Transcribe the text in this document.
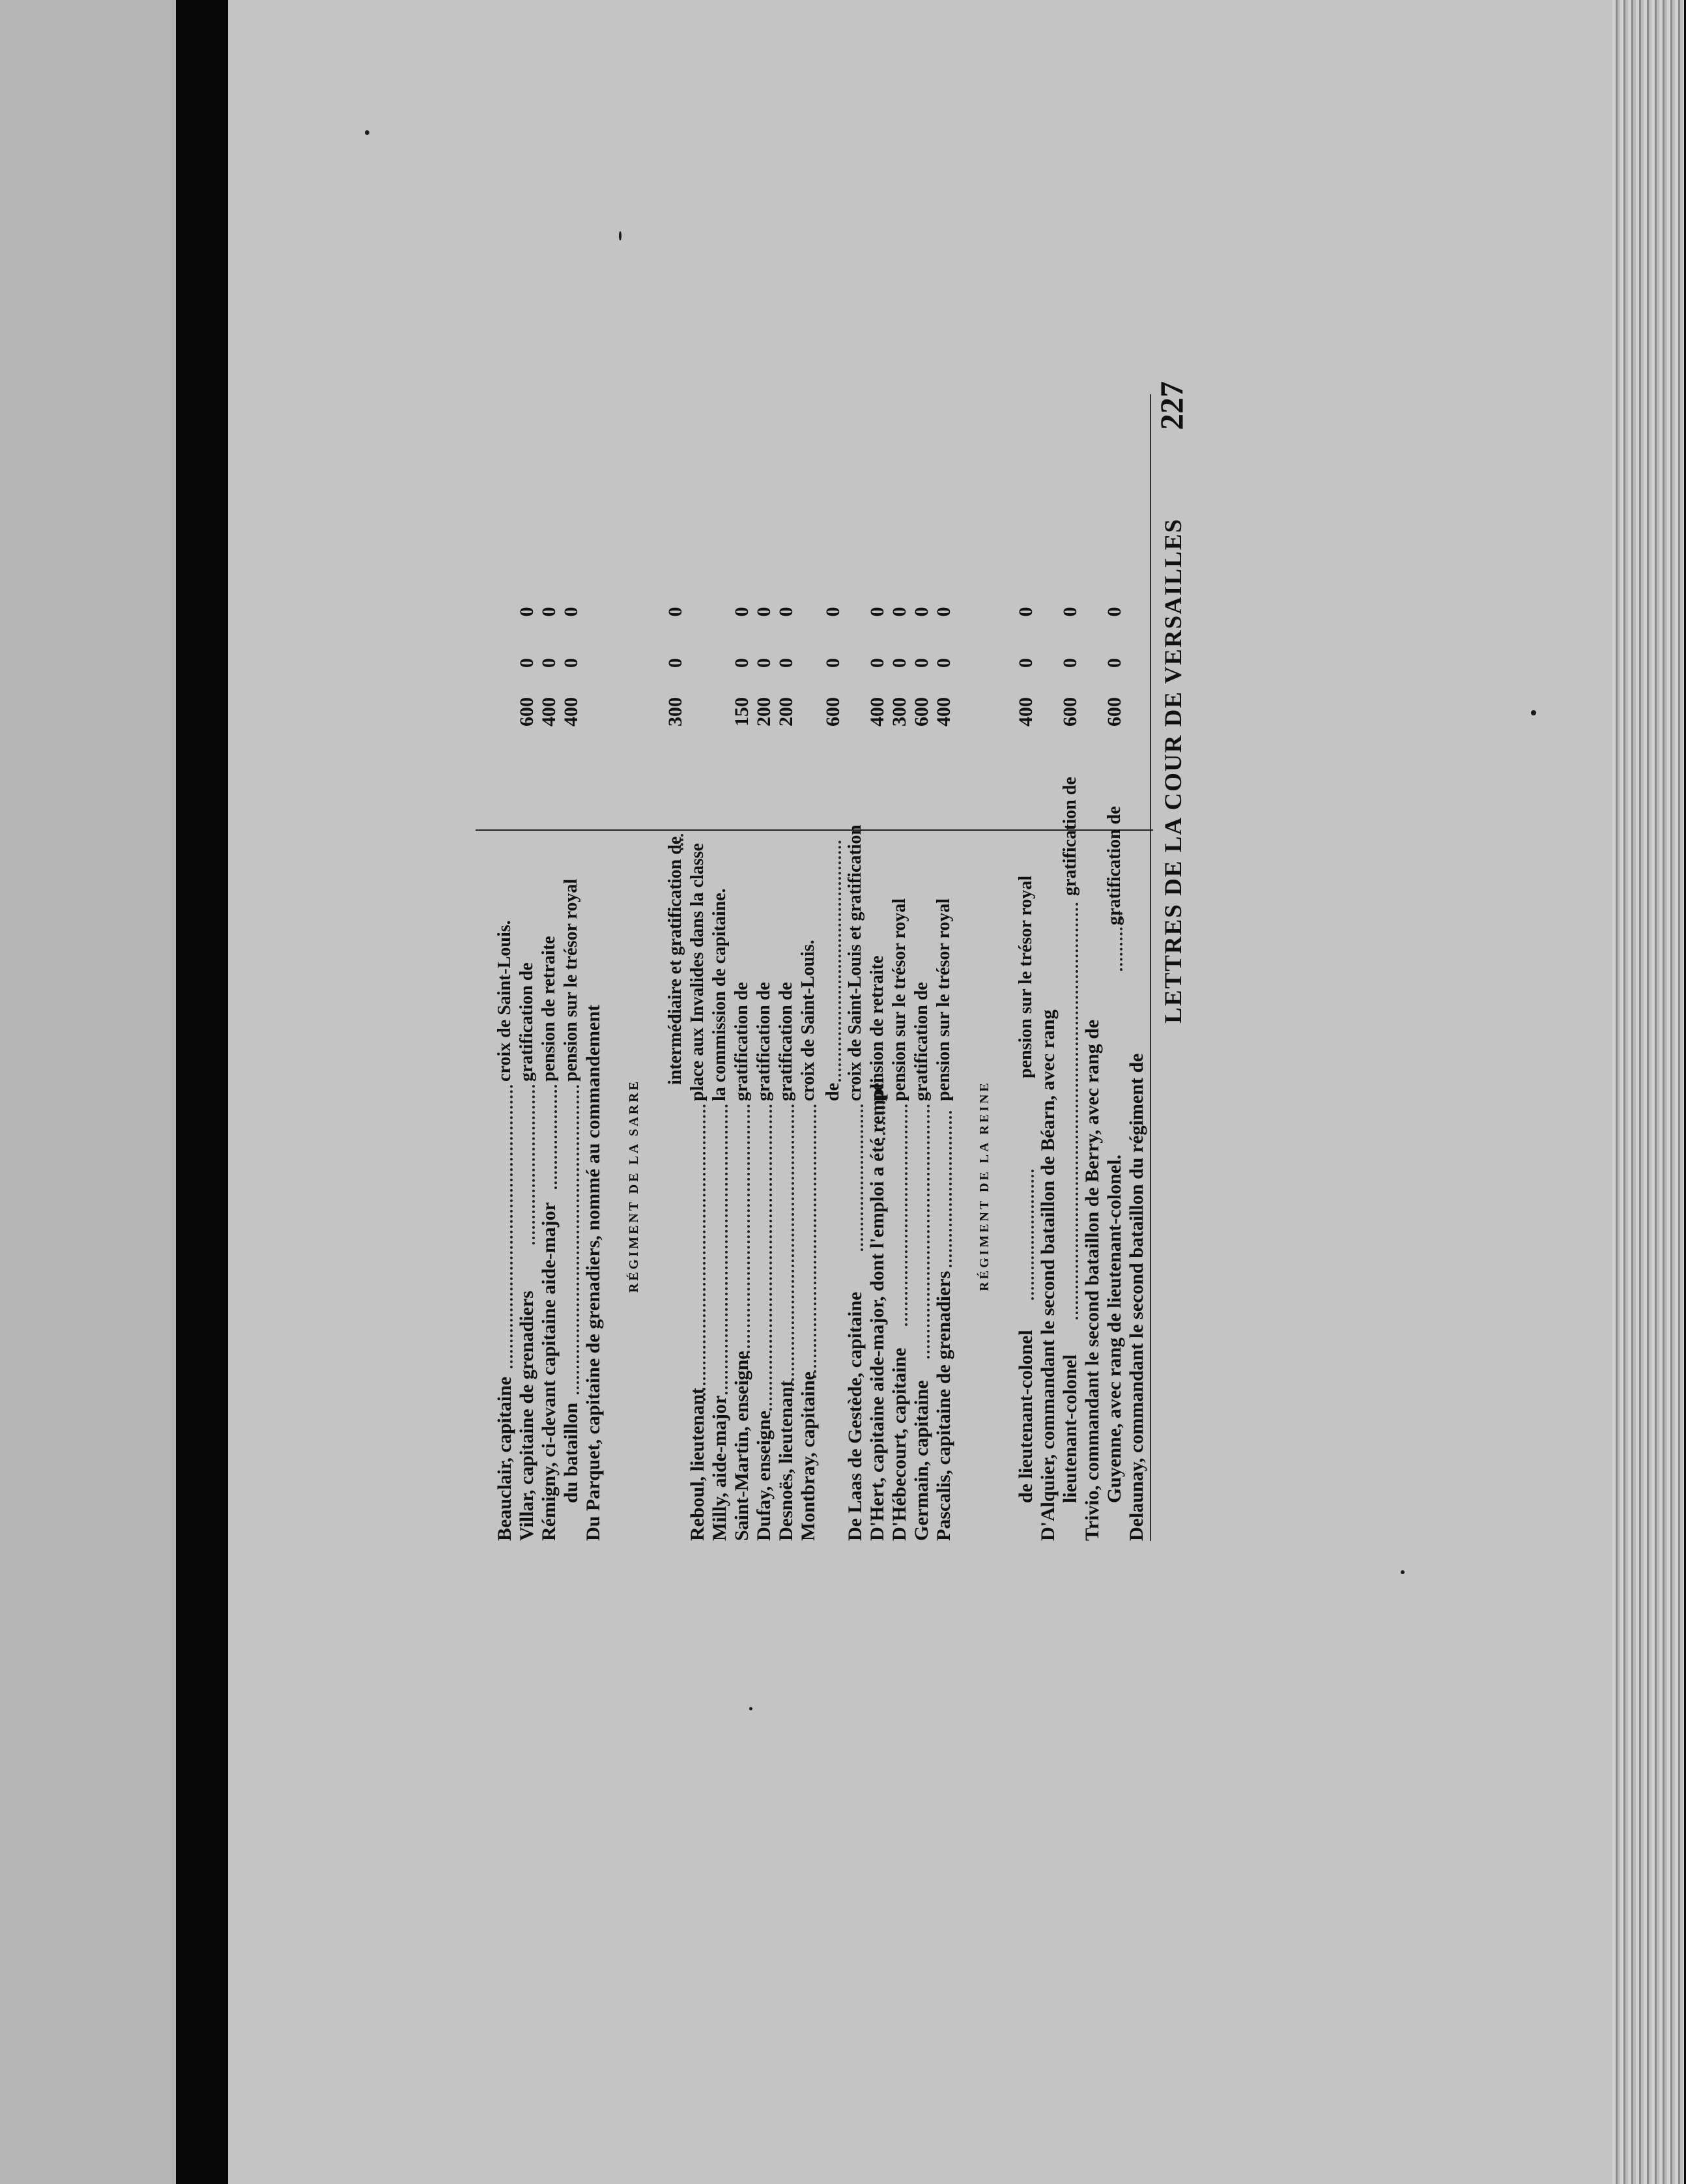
LETTRES DE LA COUR DE VERSAILLES
227
Delaunay, commandant le second bataillon du régiment de
Guyenne, avec rang de lieutenant-colonel.
gratification de
600
0 0
Trivio, commandant le second bataillon de Berry, avec rang de
lieutenant-colonel
gratification de
600
0 0
D'Alquier, commandant le second bataillon de Béarn, avec rang
de lieutenant-colonel
pension sur le trésor royal
400
0 0
RÉGIMENT DE LA REINE
Pascalis, capitaine de grenadiers
pension sur le trésor royal
400
0 0
Germain, capitaine
gratification de
600
0 0
D'Hébecourt, capitaine
pension sur le trésor royal
300
0 0
D'Hert, capitaine aide-major, dont l'emploi a été rempli
pension de retraite
400
0 0
De Laas de Gestède, capitaine
croix de Saint-Louis et gratification
de
600
0 0
Montbray, capitaine
croix de Saint-Louis.
Desnoës, lieutenant
gratification de
200
0 0
Dufay, enseigne
gratification de
200
0 0
Saint-Martin, enseigne
gratification de
150
0 0
Milly, aide-major
la commission de capitaine.
Reboul, lieutenant
place aux Invalides dans la classe
intermédiaire et gratification de
300
0 0
RÉGIMENT DE LA SARRE
Du Parquet, capitaine de grenadiers, nommé au commandement
du bataillon
pension sur le trésor royal
400
0 0
Rémigny, ci-devant capitaine aide-major
pension de retraite
400
0 0
Villar, capitaine de grenadiers
gratification de
600
0 0
Beauclair, capitaine
croix de Saint-Louis.
